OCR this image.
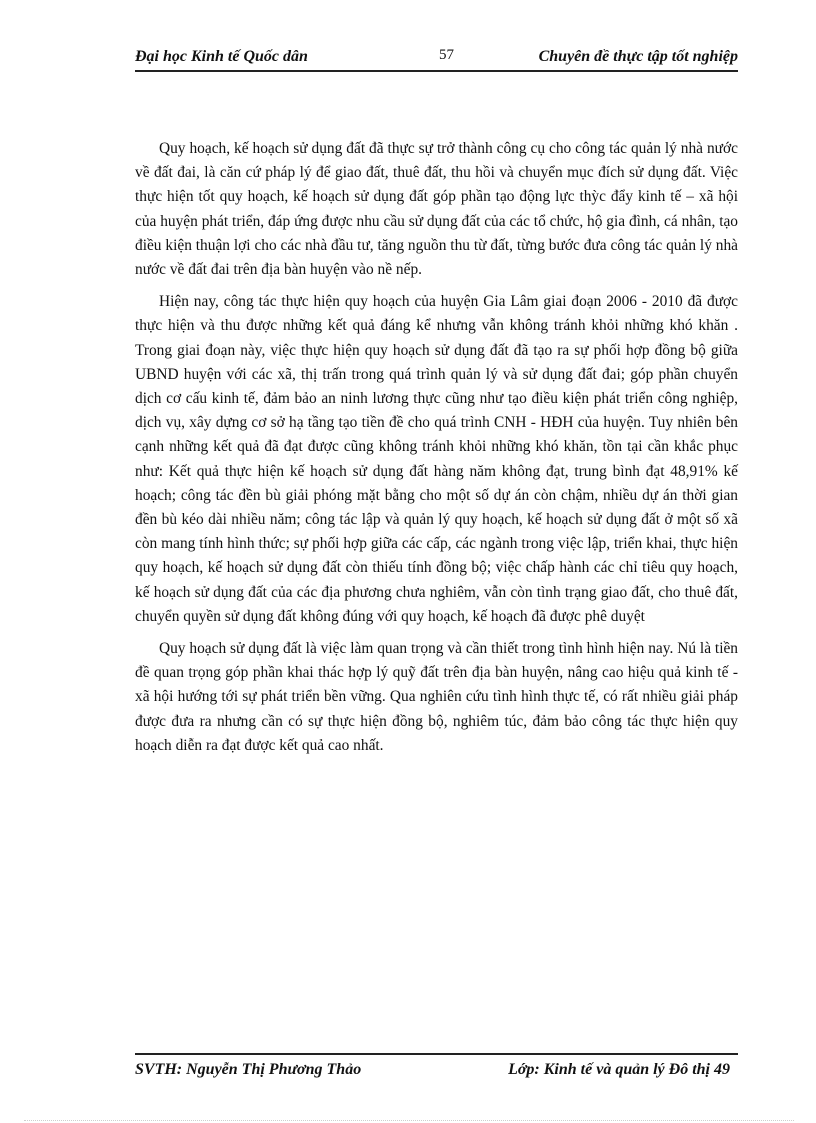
Đại học Kinh tế Quốc dân	57	Chuyên đề thực tập tốt nghiệp

Quy hoạch, kế hoạch sử dụng đất đã thực sự trở thành công cụ cho công tác quản lý nhà nước về đất đai, là căn cứ pháp lý để giao đất, thuê đất, thu hồi và chuyển mục đích sử dụng đất. Việc thực hiện tốt quy hoạch, kế hoạch sử dụng đất góp phần tạo động lực thỳc đẩy kinh tế – xã hội của huyện phát triển, đáp ứng được nhu cầu sử dụng đất của các tổ chức, hộ gia đình, cá nhân, tạo điều kiện thuận lợi cho các nhà đầu tư, tăng nguồn thu từ đất, từng bước đưa công tác quản lý nhà nước về đất đai trên địa bàn huyện vào nề nếp.

Hiện nay, công tác thực hiện quy hoạch của huyện Gia Lâm giai đoạn 2006 - 2010 đã được thực hiện và thu được những kết quả đáng kể nhưng vẫn không tránh khỏi những khó khăn . Trong giai đoạn này, việc thực hiện quy hoạch sử dụng đất đã tạo ra sự phối hợp đồng bộ giữa UBND huyện với các xã, thị trấn trong quá trình quản lý và sử dụng đất đai; góp phần chuyển dịch cơ cấu kinh tế, đảm bảo an ninh lương thực cũng như tạo điều kiện phát triển công nghiệp, dịch vụ, xây dựng cơ sở hạ tầng tạo tiền đề cho quá trình CNH - HĐH của huyện. Tuy nhiên bên cạnh những kết quả đã đạt được cũng không tránh khỏi những khó khăn, tồn tại cần khắc phục như: Kết quả thực hiện kế hoạch sử dụng đất hàng năm không đạt, trung bình đạt 48,91% kế hoạch; công tác đền bù giải phóng mặt bằng cho một số dự án còn chậm, nhiều dự án thời gian đền bù kéo dài nhiều năm; công tác lập và quản lý quy hoạch, kế hoạch sử dụng đất ở một số xã còn mang tính hình thức; sự phối hợp giữa các cấp, các ngành trong việc lập, triển khai, thực hiện quy hoạch, kế hoạch sử dụng đất còn thiếu tính đồng bộ; việc chấp hành các chỉ tiêu quy hoạch, kế hoạch sử dụng đất của các địa phương chưa nghiêm, vẫn còn tình trạng giao đất, cho thuê đất, chuyển quyền sử dụng đất không đúng với quy hoạch, kế hoạch đã được phê duyệt

Quy hoạch sử dụng đất là việc làm quan trọng và cần thiết trong tình hình hiện nay. Nú là tiền đề quan trọng góp phần khai thác hợp lý quỹ đất trên địa bàn huyện, nâng cao hiệu quả kinh tế - xã hội hướng tới sự phát triển bền vững. Qua nghiên cứu tình hình thực tế, có rất nhiều giải pháp được đưa ra nhưng cần có sự thực hiện đồng bộ, nghiêm túc, đảm bảo công tác thực hiện quy hoạch diễn ra đạt được kết quả cao nhất.

SVTH: Nguyễn Thị Phương Thảo	Lớp: Kinh tế và quản lý Đô thị 49
